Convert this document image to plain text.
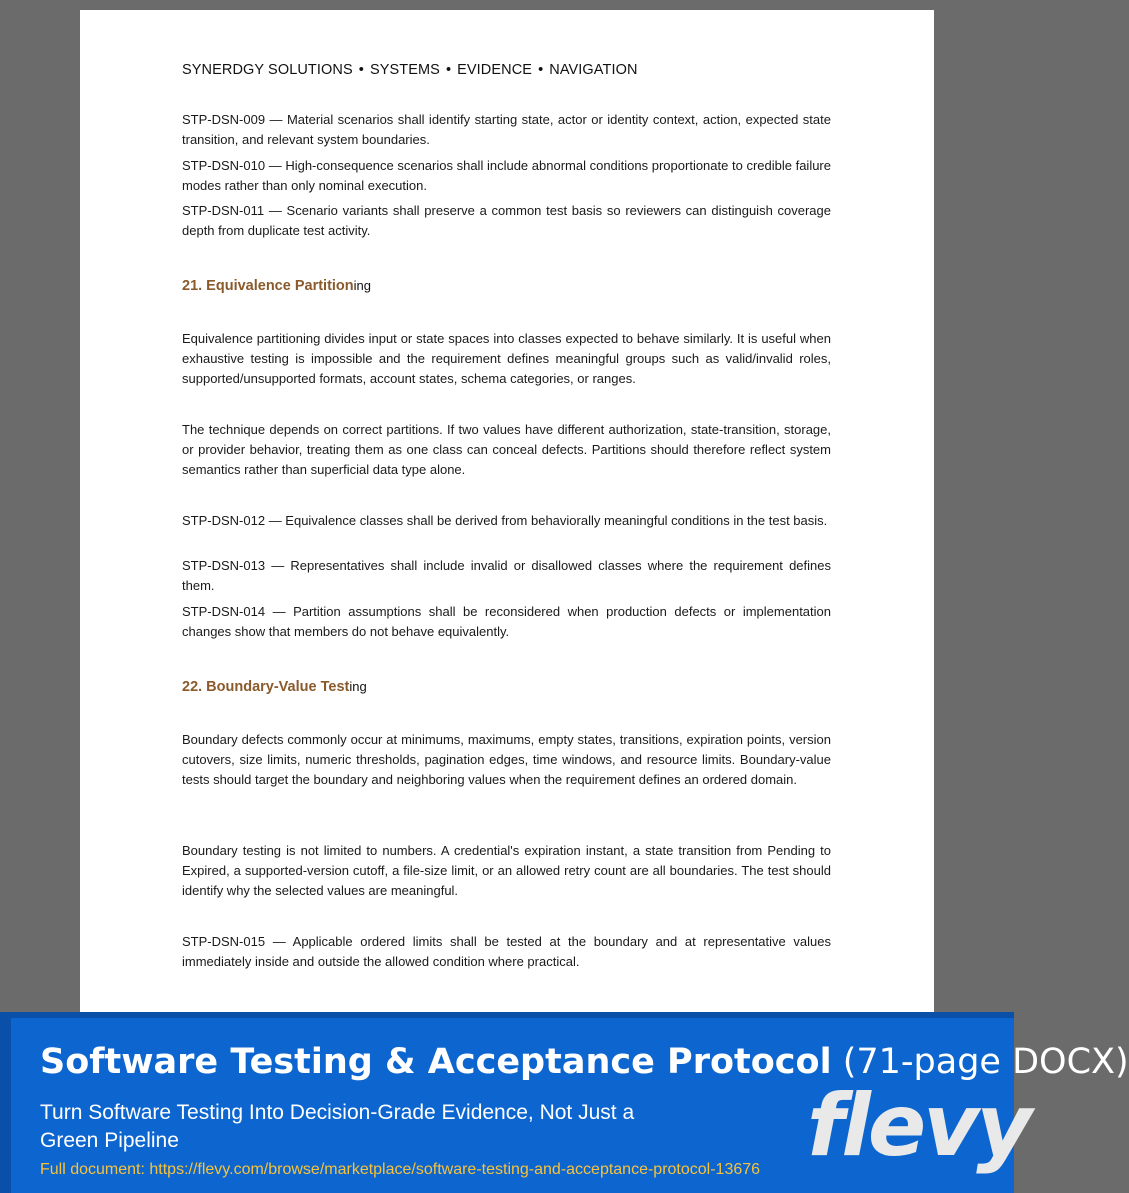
SYNERDGY SOLUTIONS • SYSTEMS • EVIDENCE • NAVIGATION

STP-DSN-009 — Material scenarios shall identify starting state, actor or identity context, action, expected state transition, and relevant system boundaries.

STP-DSN-010 — High-consequence scenarios shall include abnormal conditions proportionate to credible failure modes rather than only nominal execution.

STP-DSN-011 — Scenario variants shall preserve a common test basis so reviewers can distinguish coverage depth from duplicate test activity.

21. Equivalence Partitioning

Equivalence partitioning divides input or state spaces into classes expected to behave similarly. It is useful when exhaustive testing is impossible and the requirement defines meaningful groups such as valid/invalid roles, supported/unsupported formats, account states, schema categories, or ranges.

The technique depends on correct partitions. If two values have different authorization, state-transition, storage, or provider behavior, treating them as one class can conceal defects. Partitions should therefore reflect system semantics rather than superficial data type alone.

STP-DSN-012 — Equivalence classes shall be derived from behaviorally meaningful conditions in the test basis.

STP-DSN-013 — Representatives shall include invalid or disallowed classes where the requirement defines them.

STP-DSN-014 — Partition assumptions shall be reconsidered when production defects or implementation changes show that members do not behave equivalently.

22. Boundary-Value Testing

Boundary defects commonly occur at minimums, maximums, empty states, transitions, expiration points, version cutovers, size limits, numeric thresholds, pagination edges, time windows, and resource limits. Boundary-value tests should target the boundary and neighboring values when the requirement defines an ordered domain.

Boundary testing is not limited to numbers. A credential's expiration instant, a state transition from Pending to Expired, a supported-version cutoff, a file-size limit, or an allowed retry count are all boundaries. The test should identify why the selected values are meaningful.

STP-DSN-015 — Applicable ordered limits shall be tested at the boundary and at representative values immediately inside and outside the allowed condition where practical.

Software Testing & Acceptance Protocol (71-page DOCX)
Turn Software Testing Into Decision-Grade Evidence, Not Just a Green Pipeline
Full document: https://flevy.com/browse/marketplace/software-testing-and-acceptance-protocol-13676 flevy
